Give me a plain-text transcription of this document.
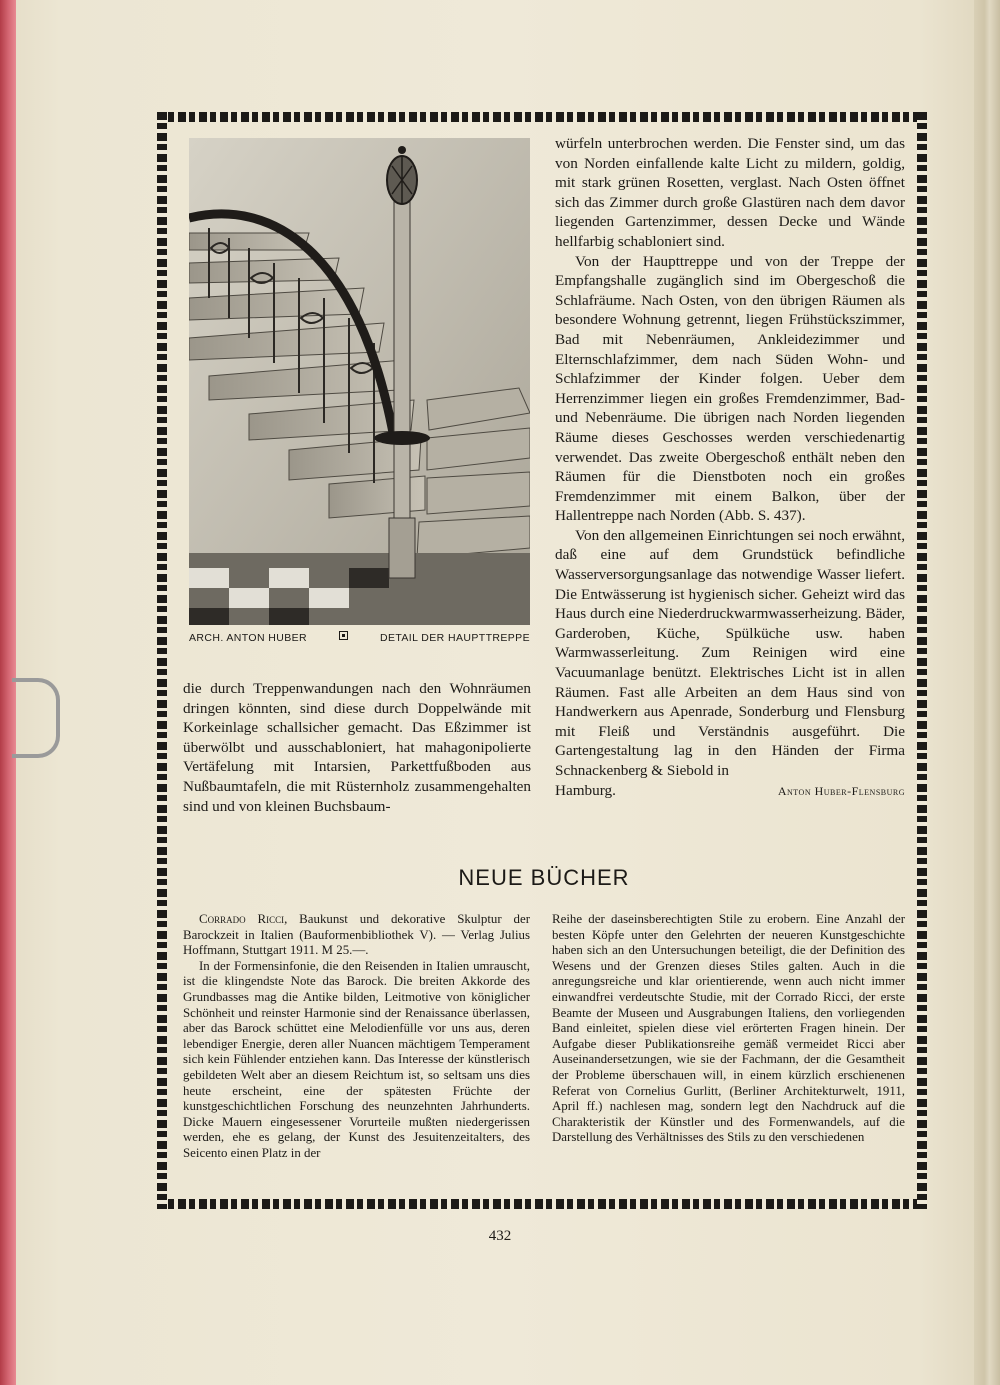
ARCH. ANTON HUBER	DETAIL DER HAUPTTREPPE

die durch Treppenwandungen nach den Wohnräumen dringen könnten, sind diese durch Doppelwände mit Korkeinlage schallsicher gemacht. Das Eßzimmer ist überwölbt und ausschabloniert, hat mahagonipolierte Vertäfelung mit Intarsien, Parkettfußboden aus Nußbaumtafeln, die mit Rüsternholz zusammengehalten sind und von kleinen Buchsbaum-

würfeln unterbrochen werden. Die Fenster sind, um das von Norden einfallende kalte Licht zu mildern, goldig, mit stark grünen Rosetten, verglast. Nach Osten öffnet sich das Zimmer durch große Glastüren nach dem davor liegenden Gartenzimmer, dessen Decke und Wände hellfarbig schabloniert sind.

Von der Haupttreppe und von der Treppe der Empfangshalle zugänglich sind im Obergeschoß die Schlafräume. Nach Osten, von den übrigen Räumen als besondere Wohnung getrennt, liegen Frühstückszimmer, Bad mit Nebenräumen, Ankleidezimmer und Elternschlafzimmer, dem nach Süden Wohn- und Schlafzimmer der Kinder folgen. Ueber dem Herrenzimmer liegen ein großes Fremdenzimmer, Bad- und Nebenräume. Die übrigen nach Norden liegenden Räume dieses Geschosses werden verschiedenartig verwendet. Das zweite Obergeschoß enthält neben den Räumen für die Dienstboten noch ein großes Fremdenzimmer mit einem Balkon, über der Hallentreppe nach Norden (Abb. S. 437).

Von den allgemeinen Einrichtungen sei noch erwähnt, daß eine auf dem Grundstück befindliche Wasserversorgungsanlage das notwendige Wasser liefert. Die Entwässerung ist hygienisch sicher. Geheizt wird das Haus durch eine Niederdruckwarmwasserheizung. Bäder, Garderoben, Küche, Spülküche usw. haben Warmwasserleitung. Zum Reinigen wird eine Vacuumanlage benützt. Elektrisches Licht ist in allen Räumen. Fast alle Arbeiten an dem Haus sind von Handwerkern aus Apenrade, Sonderburg und Flensburg mit Fleiß und Verständnis ausgeführt. Die Gartengestaltung lag in den Händen der Firma Schnackenberg & Siebold in

Hamburg.	Anton Huber-Flensburg
NEUE BÜCHER

Corrado Ricci, Baukunst und dekorative Skulptur der Barockzeit in Italien (Bauformenbibliothek V). — Verlag Julius Hoffmann, Stuttgart 1911. M 25.—.

In der Formensinfonie, die den Reisenden in Italien umrauscht, ist die klingendste Note das Barock. Die breiten Akkorde des Grundbasses mag die Antike bilden, Leitmotive von königlicher Schönheit und reinster Harmonie sind der Renaissance überlassen, aber das Barock schüttet eine Melodienfülle vor uns aus, deren lebendiger Energie, deren aller Nuancen mächtigem Temperament sich kein Fühlender entziehen kann. Das Interesse der künstlerisch gebildeten Welt aber an diesem Reichtum ist, so seltsam uns dies heute erscheint, eine der spätesten Früchte der kunstgeschichtlichen Forschung des neunzehnten Jahrhunderts. Dicke Mauern eingesessener Vorurteile mußten niedergerissen werden, ehe es gelang, der Kunst des Jesuitenzeitalters, des Seicento einen Platz in der

Reihe der daseinsberechtigten Stile zu erobern. Eine Anzahl der besten Köpfe unter den Gelehrten der neueren Kunstgeschichte haben sich an den Untersuchungen beteiligt, die der Definition des Wesens und der Grenzen dieses Stiles galten. Auch in die anregungsreiche und klar orientierende, wenn auch nicht immer einwandfrei verdeutschte Studie, mit der Corrado Ricci, der erste Beamte der Museen und Ausgrabungen Italiens, den vorliegenden Band einleitet, spielen diese viel erörterten Fragen hinein. Der Aufgabe dieser Publikationsreihe gemäß vermeidet Ricci aber Auseinandersetzungen, wie sie der Fachmann, der die Gesamtheit der Probleme überschauen will, in einem kürzlich erschienenen Referat von Cornelius Gurlitt, (Berliner Architekturwelt, 1911, April ff.) nachlesen mag, sondern legt den Nachdruck auf die Charakteristik der Künstler und des Formenwandels, auf die Darstellung des Verhältnisses des Stils zu den verschiedenen

432
